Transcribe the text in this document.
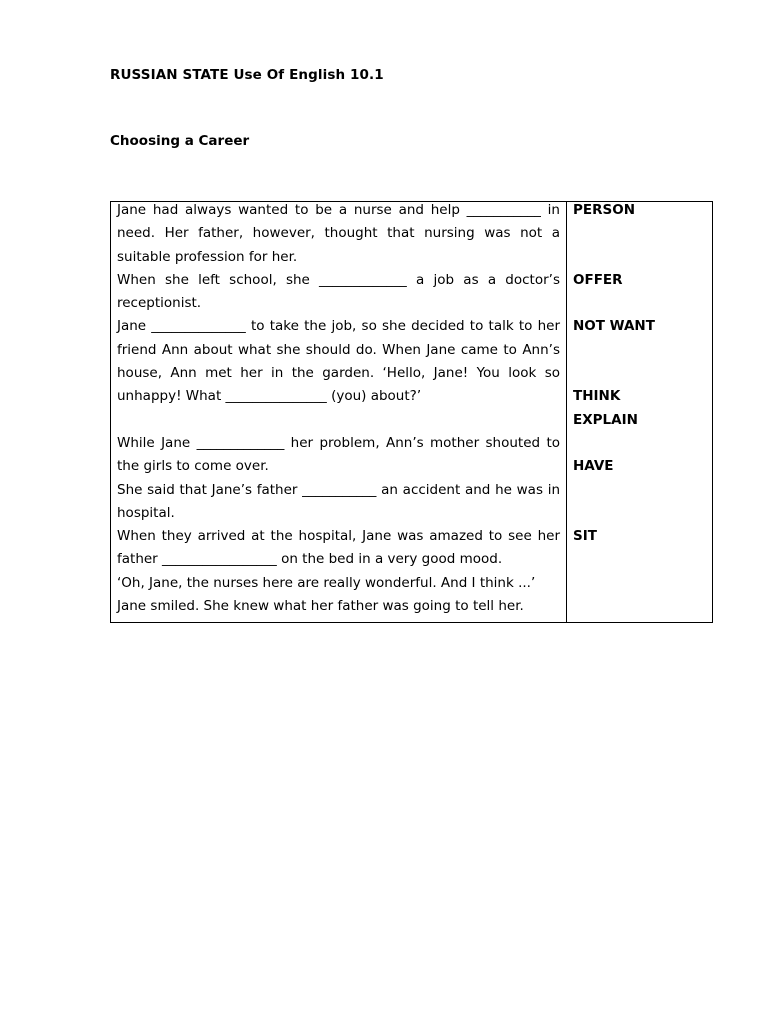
RUSSIAN STATE Use Of English 10.1
Choosing a Career
Jane had always wanted to be a nurse and help ___________ in need. Her father, however, thought that nursing was not a suitable profession for her.
When she left school, she _____________ a job as a doctor’s receptionist.
Jane ______________ to take the job, so she decided to talk to her friend Ann about what she should do. When Jane came to Ann’s house, Ann met her in the garden. ‘Hello, Jane! You look so unhappy! What _______________ (you) about?’
While Jane _____________ her problem, Ann’s mother shouted to the girls to come over.
She said that Jane’s father ___________ an accident and he was in hospital.
When they arrived at the hospital, Jane was amazed to see her father _________________ on the bed in a very good mood.
‘Oh, Jane, the nurses here are really wonderful. And I think ...’
Jane smiled. She knew what her father was going to tell her.
PERSON
OFFER
NOT WANT
THINK
EXPLAIN
HAVE
SIT
